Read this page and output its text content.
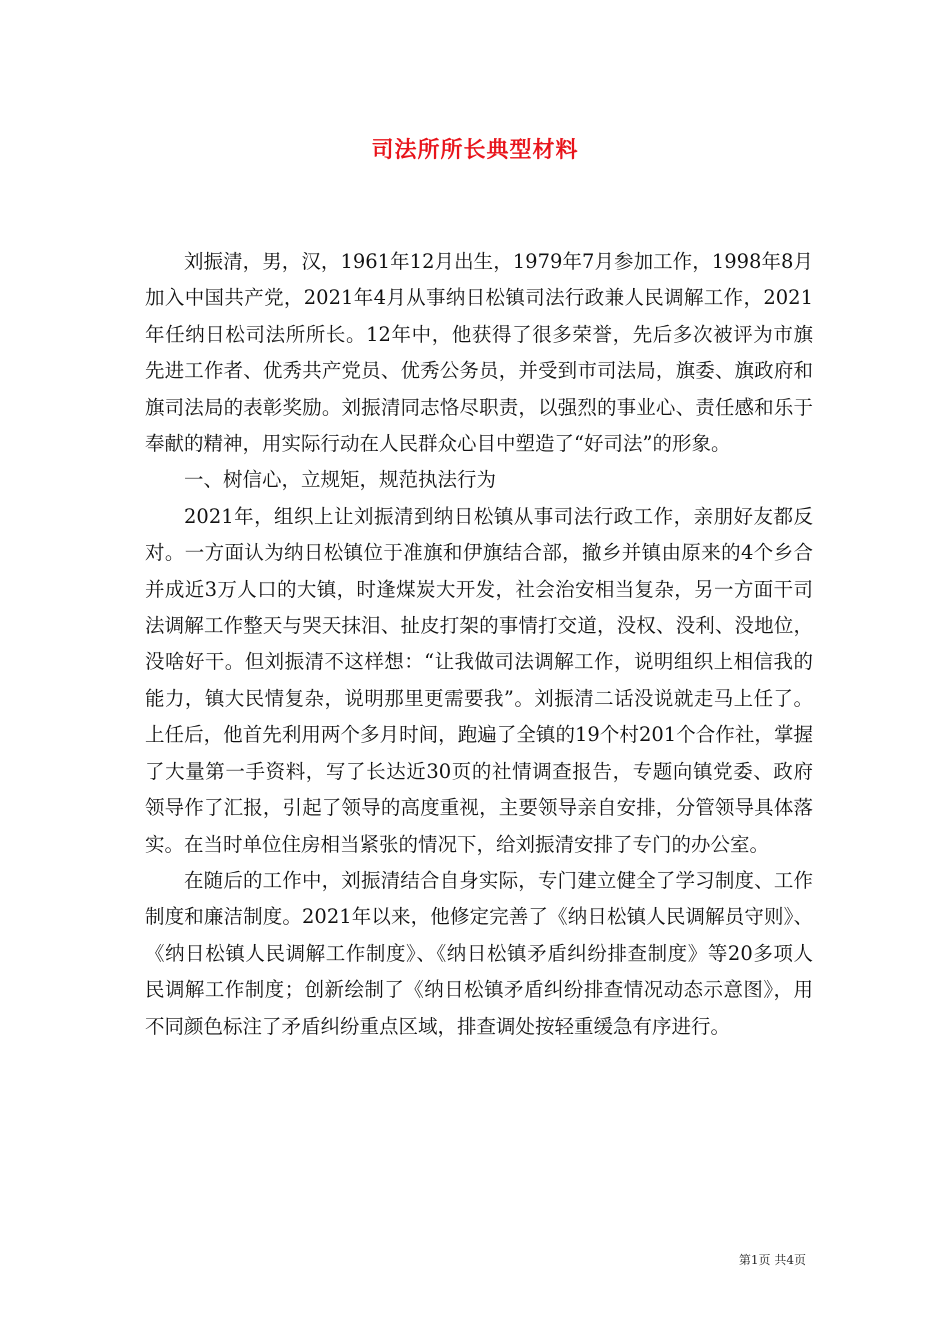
司法所所长典型材料

刘振清，男，汉，1961年12月出生，1979年7月参加工作，1998年8月加入中国共产党，2021年4月从事纳日松镇司法行政兼人民调解工作，2021年任纳日松司法所所长。12年中，他获得了很多荣誉，先后多次被评为市旗先进工作者、优秀共产党员、优秀公务员，并受到市司法局，旗委、旗政府和旗司法局的表彰奖励。刘振清同志恪尽职责，以强烈的事业心、责任感和乐于奉献的精神，用实际行动在人民群众心目中塑造了“好司法”的形象。

一、树信心，立规矩，规范执法行为

2021年，组织上让刘振清到纳日松镇从事司法行政工作，亲朋好友都反对。一方面认为纳日松镇位于准旗和伊旗结合部，撤乡并镇由原来的4个乡合并成近3万人口的大镇，时逢煤炭大开发，社会治安相当复杂，另一方面干司法调解工作整天与哭天抹泪、扯皮打架的事情打交道，没权、没利、没地位，没啥好干。但刘振清不这样想：“让我做司法调解工作，说明组织上相信我的能力，镇大民情复杂，说明那里更需要我”。刘振清二话没说就走马上任了。上任后，他首先利用两个多月时间，跑遍了全镇的19个村201个合作社，掌握了大量第一手资料，写了长达近30页的社情调查报告，专题向镇党委、政府领导作了汇报，引起了领导的高度重视，主要领导亲自安排，分管领导具体落实。在当时单位住房相当紧张的情况下，给刘振清安排了专门的办公室。

在随后的工作中，刘振清结合自身实际，专门建立健全了学习制度、工作制度和廉洁制度。2021年以来，他修定完善了《纳日松镇人民调解员守则》、《纳日松镇人民调解工作制度》、《纳日松镇矛盾纠纷排查制度》等20多项人民调解工作制度；创新绘制了《纳日松镇矛盾纠纷排查情况动态示意图》，用不同颜色标注了矛盾纠纷重点区域，排查调处按轻重缓急有序进行。

第1页 共4页
